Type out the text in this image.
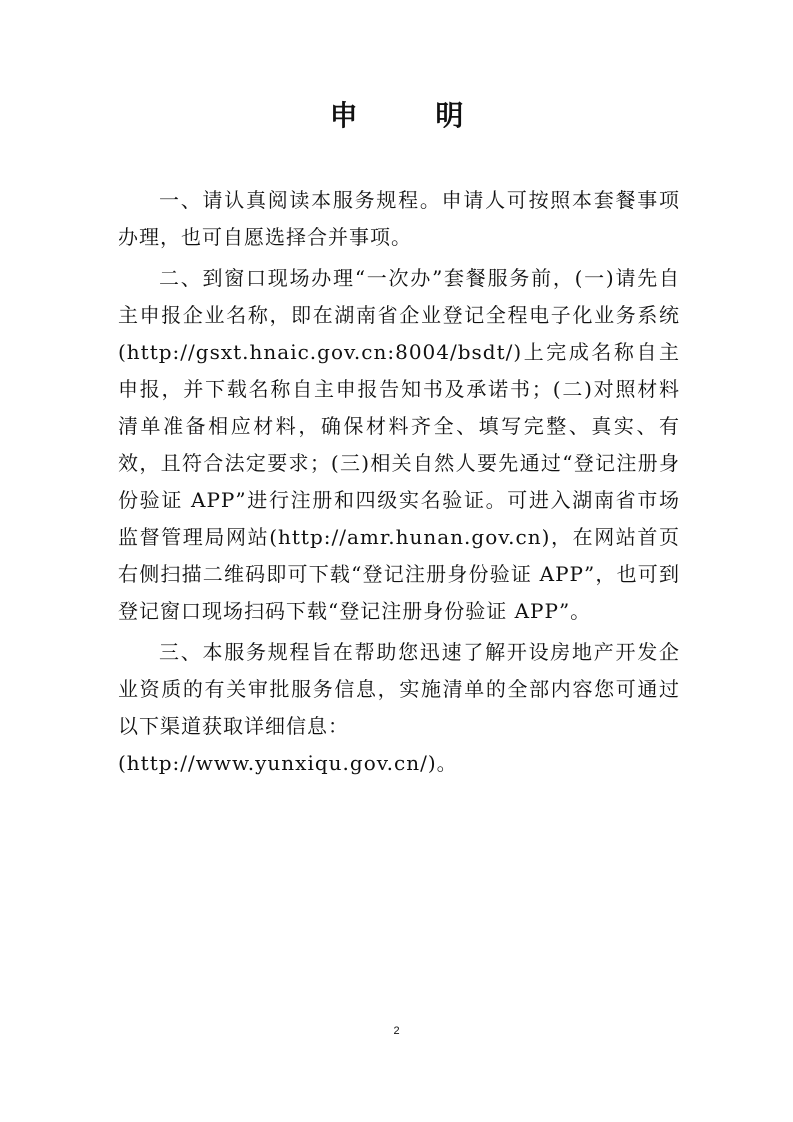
申 明

一、请认真阅读本服务规程。申请人可按照本套餐事项办理，也可自愿选择合并事项。

二、到窗口现场办理“一次办”套餐服务前，(一)请先自主申报企业名称，即在湖南省企业登记全程电子化业务系统(http://gsxt.hnaic.gov.cn:8004/bsdt/)上完成名称自主申报，并下载名称自主申报告知书及承诺书；(二)对照材料清单准备相应材料，确保材料齐全、填写完整、真实、有效，且符合法定要求；(三)相关自然人要先通过“登记注册身份验证 APP”进行注册和四级实名验证。可进入湖南省市场监督管理局网站(http://amr.hunan.gov.cn)，在网站首页右侧扫描二维码即可下载“登记注册身份验证 APP”，也可到登记窗口现场扫码下载“登记注册身份验证 APP”。

三、本服务规程旨在帮助您迅速了解开设房地产开发企业资质的有关审批服务信息，实施清单的全部内容您可通过以下渠道获取详细信息：

(http://www.yunxiqu.gov.cn/)。

2
